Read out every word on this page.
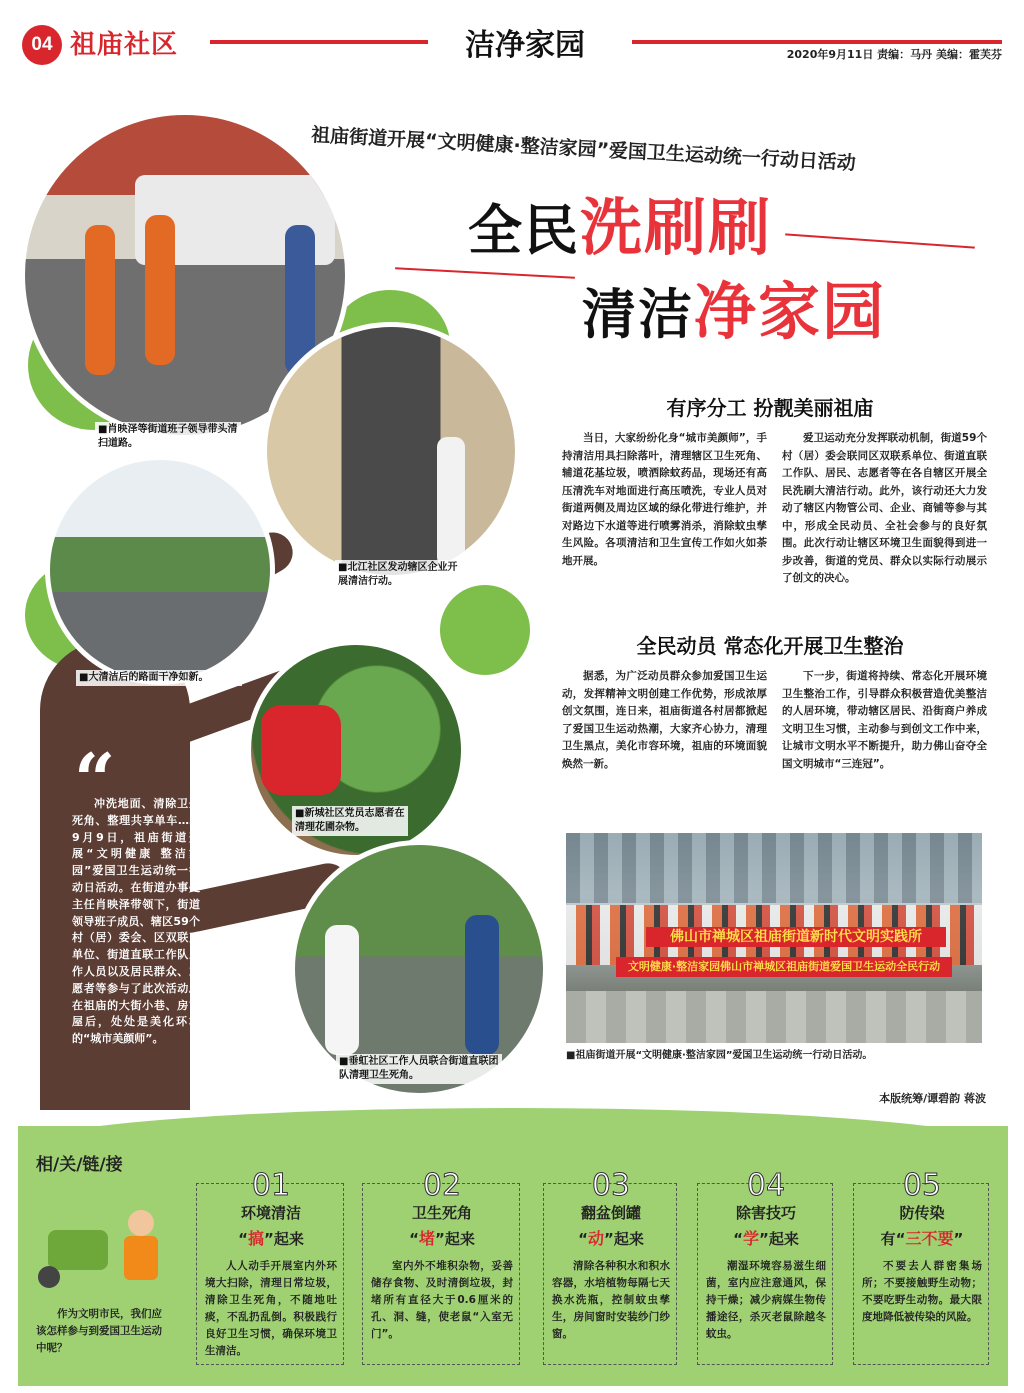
04 祖庙社区	洁净家园	2020年9月11日 责编：马丹 美编：霍芙芬
祖庙街道开展“文明健康·整洁家园”爱国卫生运动统一行动日活动
全民洗刷刷
清洁净家园
有序分工 扮靓美丽祖庙
当日，大家纷纷化身“城市美颜师”，手持清洁用具扫除落叶，清理辖区卫生死角、辅道花基垃圾，喷洒除蚊药品，现场还有高压清洗车对地面进行高压喷洗，专业人员对街道两侧及周边区域的绿化带进行维护，并对路边下水道等进行喷雾消杀，消除蚊虫孳生风险。各项清洁和卫生宣传工作如火如荼地开展。
爱卫运动充分发挥联动机制，街道59个村（居）委会联同区双联系单位、街道直联工作队、居民、志愿者等在各自辖区开展全民洗刷大清洁行动。此外，该行动还大力发动了辖区内物管公司、企业、商铺等参与其中，形成全民动员、全社会参与的良好氛围。此次行动让辖区环境卫生面貌得到进一步改善，街道的党员、群众以实际行动展示了创文的决心。
全民动员 常态化开展卫生整治
据悉，为广泛动员群众参加爱国卫生运动，发挥精神文明创建工作优势，形成浓厚创文氛围，连日来，祖庙街道各村居都掀起了爱国卫生运动热潮，大家齐心协力，清理卫生黑点，美化市容环境，祖庙的环境面貌焕然一新。
下一步，街道将持续、常态化开展环境卫生整治工作，引导群众积极营造优美整洁的人居环境，带动辖区居民、沿街商户养成文明卫生习惯，主动参与到创文工作中来，让城市文明水平不断提升，助力佛山奋夺全国文明城市“三连冠”。
佛山市禅城区祖庙街道新时代文明实践所
文明健康·整洁家园佛山市禅城区祖庙街道爱国卫生运动全民行动
■祖庙街道开展“文明健康·整洁家园”爱国卫生运动统一行动日活动。
本版统筹/谭碧韵 蒋波
■肖映泽等街道班子领导带头清扫道路。
■北江社区发动辖区企业开展清洁行动。
■大清洁后的路面干净如新。
■新城社区党员志愿者在清理花圃杂物。
■垂虹社区工作人员联合街道直联团队清理卫生死角。
“
冲洗地面、清除卫生死角、整理共享单车……9月9日，祖庙街道开展“文明健康 整洁家园”爱国卫生运动统一行动日活动。在街道办事处主任肖映泽带领下，街道领导班子成员、辖区59个村（居）委会、区双联系单位、街道直联工作队工作人员以及居民群众、志愿者等参与了此次活动。在祖庙的大街小巷、房前屋后，处处是美化环境的“城市美颜师”。
相/关/链/接
作为文明市民，我们应该怎样参与到爱国卫生运动中呢？
01
环境清洁
“搞”起来
人人动手开展室内外环境大扫除，清理日常垃圾，清除卫生死角，不随地吐痰，不乱扔乱倒。积极践行良好卫生习惯，确保环境卫生清洁。
02
卫生死角
“堵”起来
室内外不堆积杂物，妥善储存食物、及时清倒垃圾，封堵所有直径大于0.6厘米的孔、洞、缝，使老鼠“入室无门”。
03
翻盆倒罐
“动”起来
清除各种积水和积水容器，水培植物每隔七天换水洗瓶，控制蚊虫孳生，房间窗时安装纱门纱窗。
04
除害技巧
“学”起来
潮湿环境容易滋生细菌，室内应注意通风，保持干燥；减少病媒生物传播途径，杀灭老鼠除越冬蚊虫。
05
防传染
有“三不要”
不要去人群密集场所；不要接触野生动物；不要吃野生动物。最大限度地降低被传染的风险。
